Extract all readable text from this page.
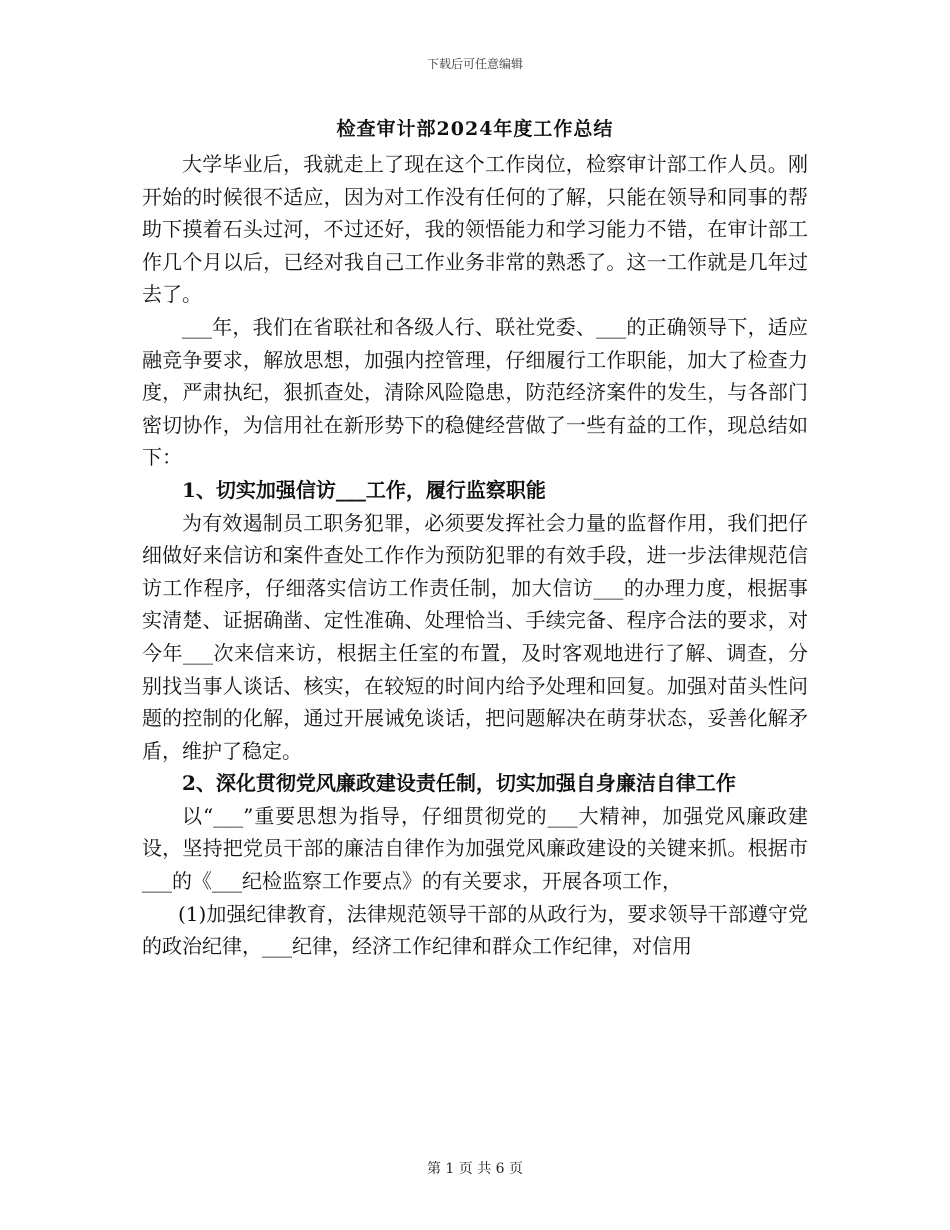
下载后可任意编辑
检查审计部2024年度工作总结

大学毕业后，我就走上了现在这个工作岗位，检察审计部工作人员。刚开始的时候很不适应，因为对工作没有任何的了解，只能在领导和同事的帮助下摸着石头过河，不过还好，我的领悟能力和学习能力不错，在审计部工作几个月以后，已经对我自己工作业务非常的熟悉了。这一工作就是几年过去了。

___年，我们在省联社和各级人行、联社党委、___的正确领导下，适应融竞争要求，解放思想，加强内控管理，仔细履行工作职能，加大了检查力度，严肃执纪，狠抓查处，清除风险隐患，防范经济案件的发生，与各部门密切协作，为信用社在新形势下的稳健经营做了一些有益的工作，现总结如下：

1、切实加强信访___工作，履行监察职能

为有效遏制员工职务犯罪，必须要发挥社会力量的监督作用，我们把仔细做好来信访和案件查处工作作为预防犯罪的有效手段，进一步法律规范信访工作程序，仔细落实信访工作责任制，加大信访___的办理力度，根据事实清楚、证据确凿、定性准确、处理恰当、手续完备、程序合法的要求，对今年___次来信来访，根据主任室的布置，及时客观地进行了解、调查，分别找当事人谈话、核实，在较短的时间内给予处理和回复。加强对苗头性问题的控制的化解，通过开展诫免谈话，把问题解决在萌芽状态，妥善化解矛盾，维护了稳定。

2、深化贯彻党风廉政建设责任制，切实加强自身廉洁自律工作

以“___”重要思想为指导，仔细贯彻党的___大精神，加强党风廉政建设，坚持把党员干部的廉洁自律作为加强党风廉政建设的关键来抓。根据市___的《___纪检监察工作要点》的有关要求，开展各项工作，

(1)加强纪律教育，法律规范领导干部的从政行为，要求领导干部遵守党的政治纪律，___纪律，经济工作纪律和群众工作纪律，对信用

第 1 页 共 6 页
